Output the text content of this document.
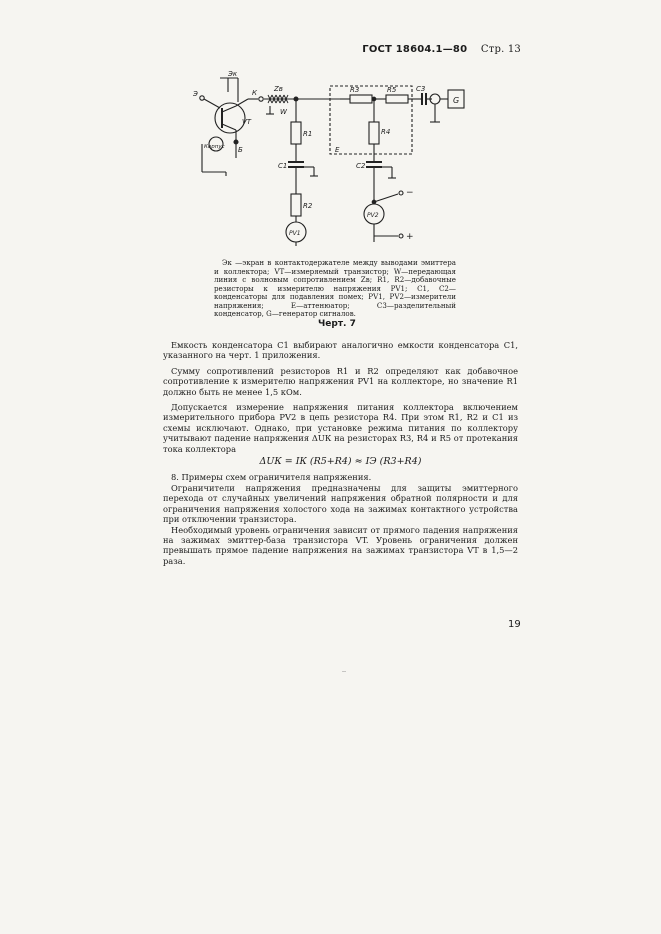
ГОСТ 18604.1—80 Стр. 13
Э
Эк
К Zв
W
VT
Корпус Б
R1
C1
R2
PV1
R3	R5
R4
E
C2
PV2
C3
G
−
+

Эк —экран в контактодержателе между выводами эмиттера и коллектора; VT—измеряемый транзистор; W—передающая линия с волновым сопротивлением Zв; R1, R2—добавочные резисторы к измерителю напряжения PV1; C1, C2—конденсаторы для подавления помех; PV1, PV2—измерители напряжения; E—аттенюатор; C3—разделительный конденсатор, G—генератор сигналов.

Черт. 7

Емкость конденсатора C1 выбирают аналогично емкости конденсатора C1, указанного на черт. 1 приложения.

Сумму сопротивлений резисторов R1 и R2 определяют как добавочное сопротивление к измерителю напряжения PV1 на коллекторе, но значение R1 должно быть не менее 1,5 кОм.

Допускается измерение напряжения питания коллектора включением измерительного прибора PV2 в цепь резистора R4. При этом R1, R2 и C1 из схемы исключают. Однако, при установке режима питания по коллектору учитывают падение напряжения ΔUК на резисторах R3, R4 и R5 от протекания тока коллектора

ΔUК = IК (R5+R4) ≈ IЭ (R3+R4)

8. Примеры схем ограничителя напряжения.

Ограничители напряжения предназначены для защиты эмиттерного перехода от случайных увеличений напряжения обратной полярности и для ограничения напряжения холостого хода на зажимах контактного устройства при отключении транзистора.

Необходимый уровень ограничения зависит от прямого падения напряжения на зажимах эмиттер-база транзистора VT. Уровень ограничения должен превышать прямое падение напряжения на зажимах транзистора VT в 1,5—2 раза.

19
--
